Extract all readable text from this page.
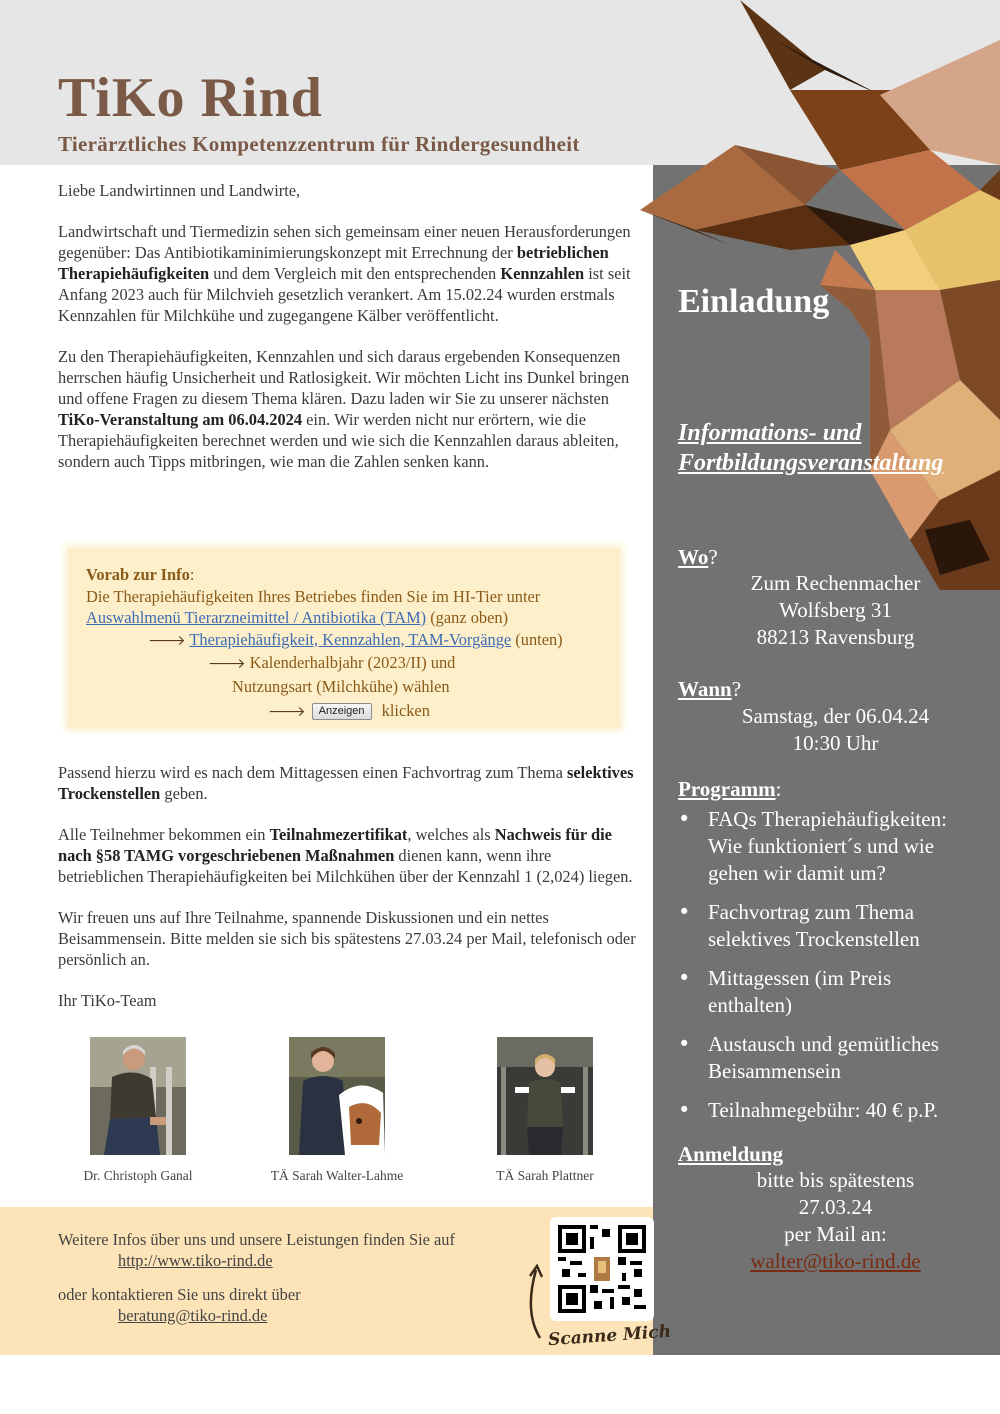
TiKo Rind
Tierärztliches Kompetenzzentrum für Rindergesundheit

Liebe Landwirtinnen und Landwirte,

Landwirtschaft und Tiermedizin sehen sich gemeinsam einer neuen Herausforderungen gegenüber: Das Antibiotikaminimierungskonzept mit Errechnung der betrieblichen Therapiehäufigkeiten und dem Vergleich mit den entsprechenden Kennzahlen ist seit Anfang 2023 auch für Milchvieh gesetzlich verankert. Am 15.02.24 wurden erstmals Kennzahlen für Milchkühe und zugegangene Kälber veröffentlicht.

Zu den Therapiehäufigkeiten, Kennzahlen und sich daraus ergebenden Konsequenzen herrschen häufig Unsicherheit und Ratlosigkeit. Wir möchten Licht ins Dunkel bringen und offene Fragen zu diesem Thema klären. Dazu laden wir Sie zu unserer nächsten TiKo-Veranstaltung am 06.04.2024 ein. Wir werden nicht nur erörtern, wie die Therapiehäufigkeiten berechnet werden und wie sich die Kennzahlen daraus ableiten, sondern auch Tipps mitbringen, wie man die Zahlen senken kann.

Vorab zur Info:
Die Therapiehäufigkeiten Ihres Betriebes finden Sie im HI-Tier unter
Auswahlmenü Tierarzneimittel / Antibiotika (TAM) (ganz oben)
🡒 Therapiehäufigkeit, Kennzahlen, TAM-Vorgänge (unten)
🡒 Kalenderhalbjahr (2023/II) und
Nutzungsart (Milchkühe) wählen
🡒 Anzeigen klicken

Passend hierzu wird es nach dem Mittagessen einen Fachvortrag zum Thema selektives Trockenstellen geben.

Alle Teilnehmer bekommen ein Teilnahmezertifikat, welches als Nachweis für die nach §58 TAMG vorgeschriebenen Maßnahmen dienen kann, wenn ihre betrieblichen Therapiehäufigkeiten bei Milchkühen über der Kennzahl 1 (2,024) liegen.

Wir freuen uns auf Ihre Teilnahme, spannende Diskussionen und ein nettes Beisammensein. Bitte melden sie sich bis spätestens 27.03.24 per Mail, telefonisch oder persönlich an.

Ihr TiKo-Team

Dr. Christoph Ganal	TÄ Sarah Walter-Lahme	TÄ Sarah Plattner
Weitere Infos über uns und unsere Leistungen finden Sie auf
http://www.tiko-rind.de
oder kontaktieren Sie uns direkt über
beratung@tiko-rind.de
Scanne Mich
Einladung
Informations- und
Fortbildungsveranstaltung
Wo?
Zum Rechenmacher
Wolfsberg 31
88213 Ravensburg
Wann?
Samstag, der 06.04.24
10:30 Uhr
Programm:
• FAQs Therapiehäufigkeiten: Wie funktioniert´s und wie gehen wir damit um?
• Fachvortrag zum Thema selektives Trockenstellen
• Mittagessen (im Preis enthalten)
• Austausch und gemütliches Beisammensein
• Teilnahmegebühr: 40 € p.P.
Anmeldung
bitte bis spätestens
27.03.24
per Mail an:
walter@tiko-rind.de
